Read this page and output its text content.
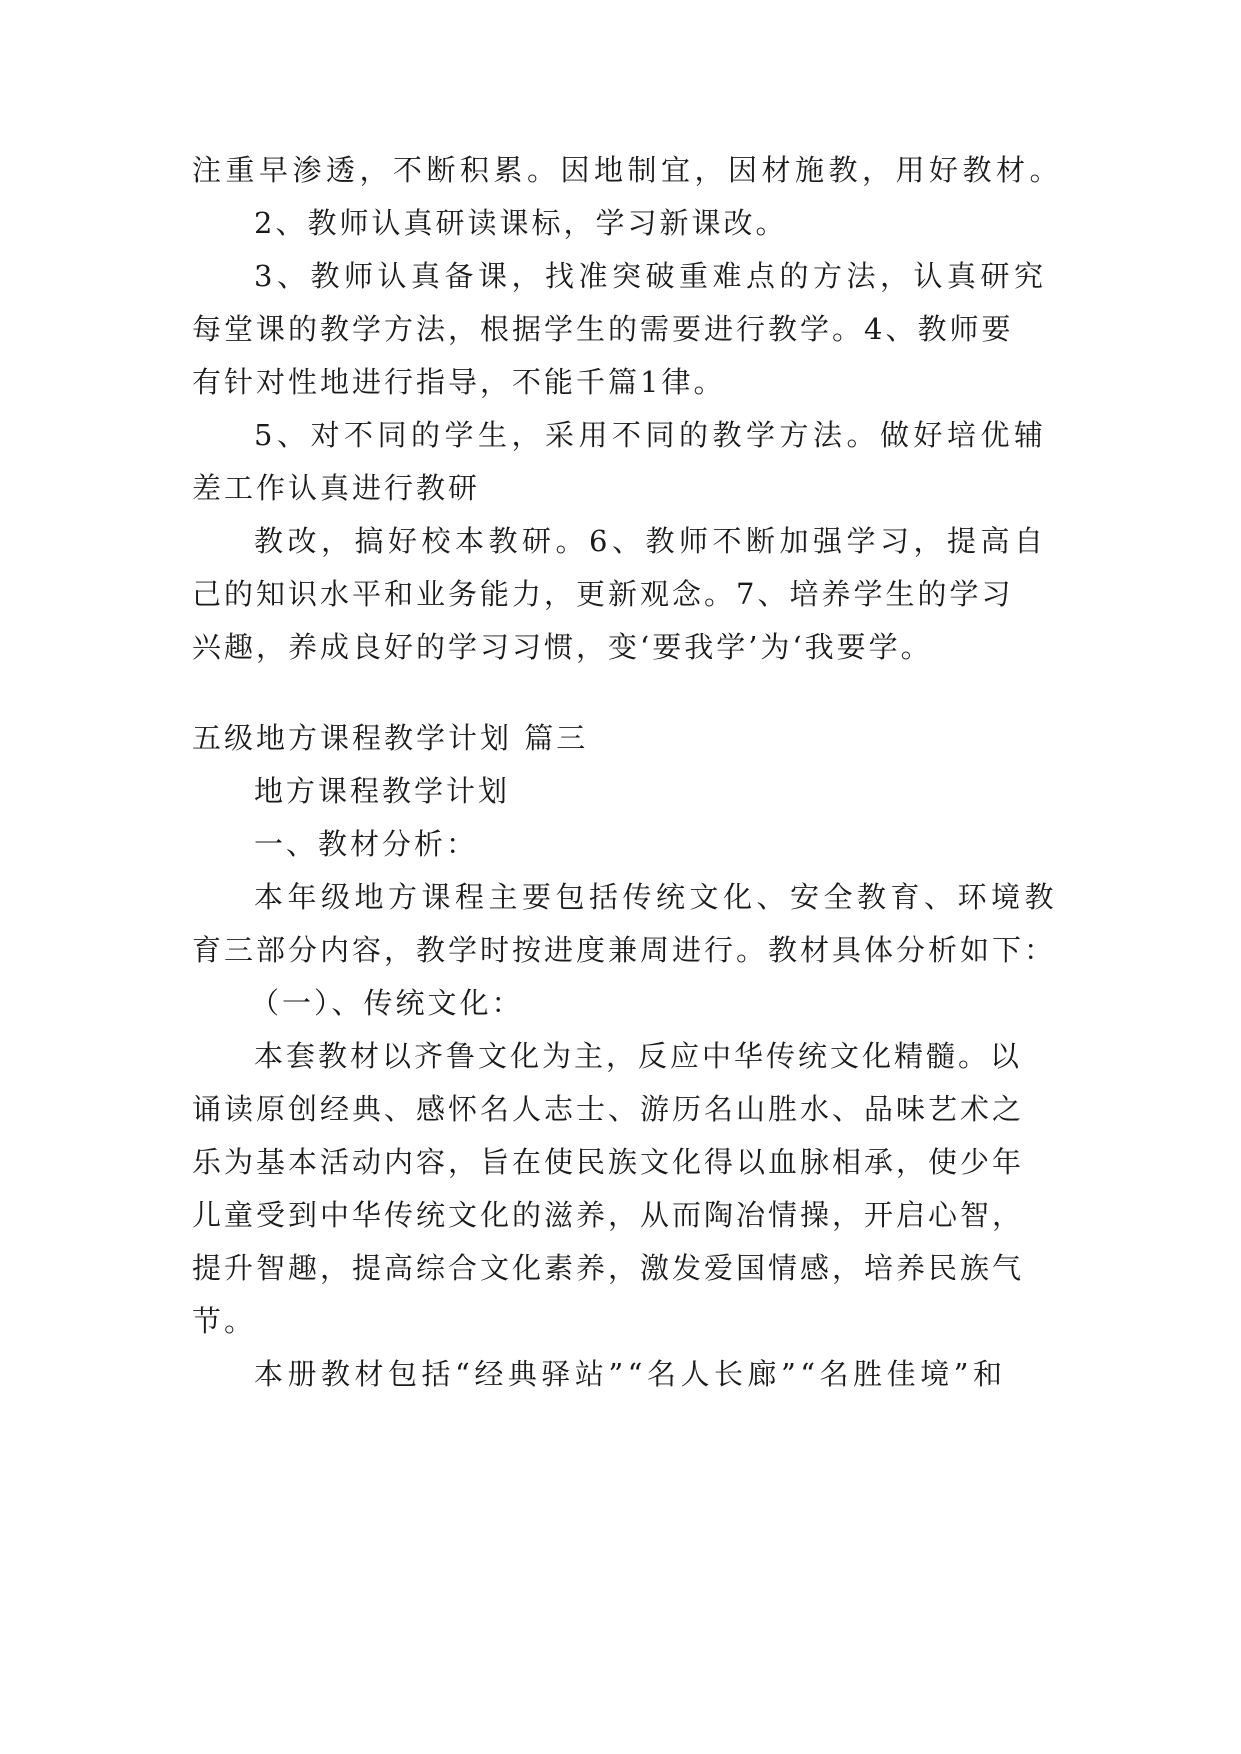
注重早渗透，不断积累。因地制宜，因材施教，用好教材。
2、教师认真研读课标，学习新课改。
3、教师认真备课，找准突破重难点的方法，认真研究
每堂课的教学方法，根据学生的需要进行教学。4、教师要
有针对性地进行指导，不能千篇1律。
5、对不同的学生，采用不同的教学方法。做好培优辅
差工作认真进行教研
教改，搞好校本教研。6、教师不断加强学习，提高自
己的知识水平和业务能力，更新观念。7、培养学生的学习
兴趣，养成良好的学习习惯，变‘要我学’为‘我要学。
五级地方课程教学计划 篇三
地方课程教学计划
一、教材分析：
本年级地方课程主要包括传统文化、安全教育、环境教
育三部分内容，教学时按进度兼周进行。教材具体分析如下：
（一）、传统文化：
本套教材以齐鲁文化为主，反应中华传统文化精髓。以
诵读原创经典、感怀名人志士、游历名山胜水、品味艺术之
乐为基本活动内容，旨在使民族文化得以血脉相承，使少年
儿童受到中华传统文化的滋养，从而陶冶情操，开启心智，
提升智趣，提高综合文化素养，激发爱国情感，培养民族气
节。
本册教材包括“经典驿站”“名人长廊”“名胜佳境”和
